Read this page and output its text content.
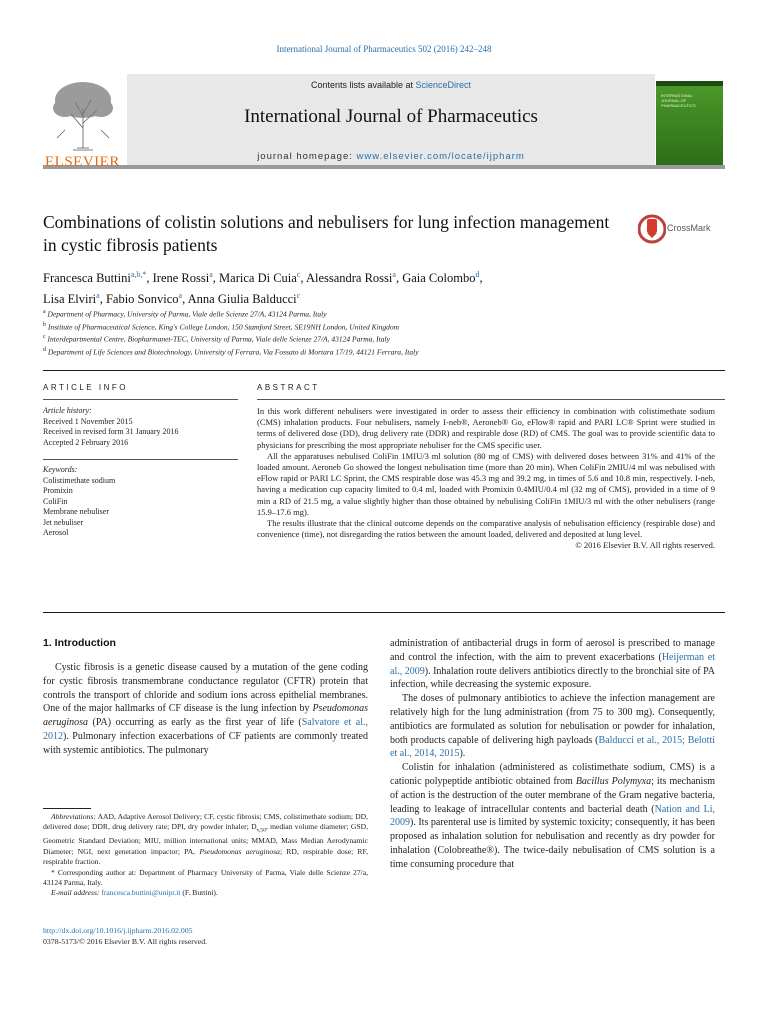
International Journal of Pharmaceutics 502 (2016) 242–248
ELSEVIER
Contents lists available at ScienceDirect
International Journal of Pharmaceutics
journal homepage: www.elsevier.com/locate/ijpharm
INTERNATIONAL JOURNAL OF PHARMACEUTICS
Combinations of colistin solutions and nebulisers for lung infection management in cystic fibrosis patients
CrossMark
Francesca Buttini$^{a,b,*}$, Irene Rossi$^a$, Marica Di Cuia$^c$, Alessandra Rossi$^a$, Gaia Colombo$^d$,
Lisa Elviri$^a$, Fabio Sonvico$^a$, Anna Giulia Balducci$^c$
$^a$ Department of Pharmacy, University of Parma, Viale delle Scienze 27/A, 43124 Parma, Italy
$^b$ Institute of Pharmaceutical Science, King's College London, 150 Stamford Street, SE19NH London, United Kingdom
$^c$ Interdepartmental Centre, Biopharmanet-TEC, University of Parma, Viale delle Scienze 27/A, 43124 Parma, Italy
$^d$ Department of Life Sciences and Biotechnology, University of Ferrara, Via Fossato di Mortara 17/19, 44121 Ferrara, Italy
ARTICLE INFO	ABSTRACT
Article history:
Received 1 November 2015
Received in revised form 31 January 2016
Accepted 2 February 2016
Keywords:
Colistimethate sodium
Promixin
ColiFin
Membrane nebuliser
Jet nebuliser
Aerosol

In this work different nebulisers were investigated in order to assess their efficiency in combination with colistimethate sodium (CMS) inhalation products. Four nebulisers, namely I-neb®, Aeroneb® Go, eFlow® rapid and PARI LC® Sprint were studied in terms of delivered dose (DD), drug delivery rate (DDR) and respirable dose (RD) of CMS. The goal was to provide scientific data to physicians for prescribing the most appropriate nebuliser for the CMS specific user.

All the apparatuses nebulised ColiFin 1MIU/3 ml solution (80 mg of CMS) with delivered doses between 31% and 41% of the loaded amount. Aeroneb Go showed the longest nebulisation time (more than 20 min). When ColiFin 2MIU/4 ml was nebulised with eFlow rapid or PARI LC Sprint, the CMS respirable dose was 45.3 mg and 39.2 mg, in times of 5.6 and 10.8 min, respectively. I-neb, having a medication cup capacity limited to 0.4 ml, loaded with Promixin 0.4MIU/0.4 ml (32 mg of CMS), provided in a time of 9 min a RD of 21.5 mg, a value slightly higher than those obtained by nebulising ColiFin 1MIU/3 ml with the other nebulisers (range 15.9–17.6 mg).

The results illustrate that the clinical outcome depends on the comparative analysis of nebulisation efficiency (respirable dose) and convenience (time), not disregarding the ratios between the amount loaded, delivered and deposited at lung level.

© 2016 Elsevier B.V. All rights reserved.

1. Introduction

Cystic fibrosis is a genetic disease caused by a mutation of the gene coding for cystic fibrosis transmembrane conductance regulator (CFTR) protein that controls the transport of chloride and sodium ions across epithelial membranes. One of the major hallmarks of CF disease is the lung infection by Pseudomonas aeruginosa (PA) occurring as early as the first year of life (Salvatore et al., 2012). Pulmonary infection exacerbations of CF patients are commonly treated with systemic antibiotics. The pulmonary

administration of antibacterial drugs in form of aerosol is prescribed to manage and control the infection, with the aim to prevent exacerbations (Heijerman et al., 2009). Inhalation route delivers antibiotics directly to the bronchial site of PA infection, while decreasing the systemic exposure.

The doses of pulmonary antibiotics to achieve the infection management are relatively high for the lung administration (from 75 to 300 mg). Consequently, antibiotics are formulated as solution for nebulisation or powder for inhalation, both products capable of delivering high payloads (Balducci et al., 2015; Belotti et al., 2014, 2015).

Colistin for inhalation (administered as colistimethate sodium, CMS) is a cationic polypeptide antibiotic obtained from Bacillus Polymyxa; its mechanism of action is the destruction of the outer membrane of the Gram negative bacteria, leading to leakage of intracellular contents and bacterial death (Nation and Li, 2009). Its parenteral use is limited by systemic toxicity; consequently, it has been proposed as inhalation solution for nebulisation and recently as dry powder for inhalation (Colobreathe®). The twice-daily nebulisation of CMS solution is a time consuming procedure that

Abbreviations: AAD, Adaptive Aerosol Delivery; CF, cystic fibrosis; CMS, colistimethate sodium; DD, delivered dose; DDR, drug delivery rate; DPI, dry powder inhaler; $D_{v,50}$, median volume diameter; GSD, Geometric Standard Deviation; MIU, million international units; MMAD, Mass Median Aerodynamic Diameter; NGI, next generation impactor; PA, Pseudomonas aeruginosa; RD, respirable dose; RF, respirable fraction.

* Corresponding author at: Department of Pharmacy University of Parma, Viale delle Scienze 27/a, 43124 Parma, Italy.

E-mail address: francesca.buttini@unipr.it (F. Buttini).

http://dx.doi.org/10.1016/j.ijpharm.2016.02.005
0378-5173/© 2016 Elsevier B.V. All rights reserved.
